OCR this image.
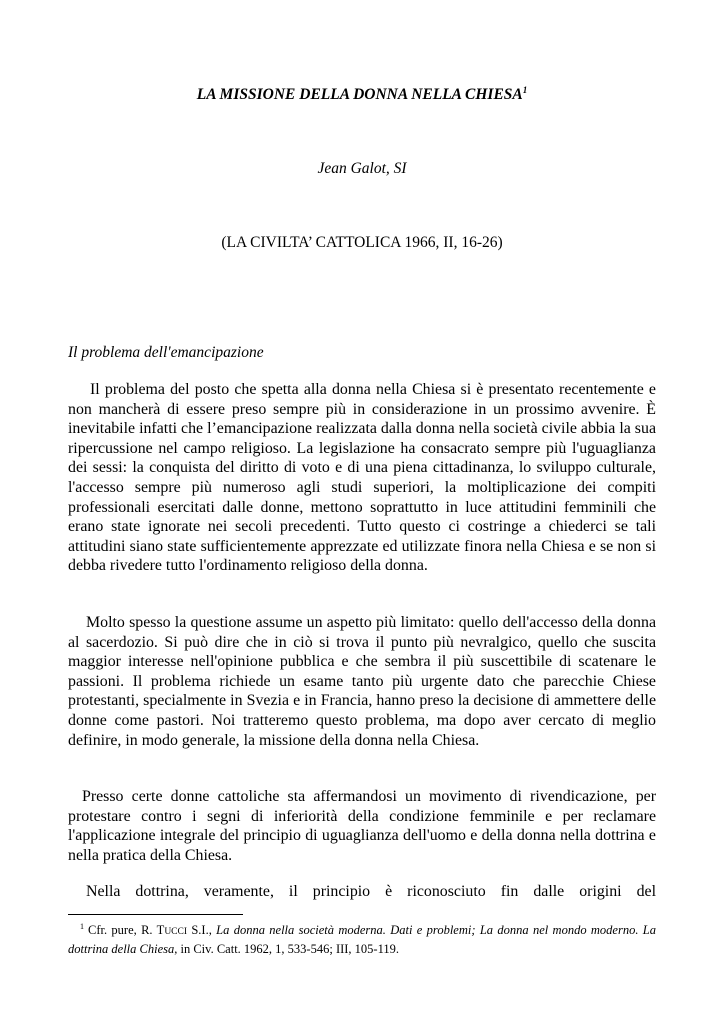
LA MISSIONE DELLA DONNA NELLA CHIESA$^1$
Jean Galot, SI
(LA CIVILTA’ CATTOLICA 1966, II, 16-26)
Il problema dell'emancipazione

Il problema del posto che spetta alla donna nella Chiesa si è presentato recentemente e non mancherà di essere preso sempre più in considerazione in un prossimo avvenire. È inevitabile infatti che l’emancipazione realizzata dalla donna nella società civile abbia la sua ripercussione nel campo religioso. La legislazione ha consacrato sempre più l'uguaglianza dei sessi: la conquista del diritto di voto e di una piena cittadinanza, lo sviluppo culturale, l'accesso sempre più numeroso agli studi superiori, la moltiplicazione dei compiti professionali esercitati dalle donne, mettono soprattutto in luce attitudini femminili che erano state ignorate nei secoli precedenti. Tutto questo ci costringe a chiederci se tali attitudini siano state sufficientemente apprezzate ed utilizzate finora nella Chiesa e se non si debba rivedere tutto l'ordinamento religioso della donna.

Molto spesso la questione assume un aspetto più limitato: quello dell'accesso della donna al sacerdozio. Si può dire che in ciò si trova il punto più nevralgico, quello che suscita maggior interesse nell'opinione pubblica e che sembra il più suscettibile di scatenare le passioni. Il problema richiede un esame tanto più urgente dato che parecchie Chiese protestanti, specialmente in Svezia e in Francia, hanno preso la decisione di ammettere delle donne come pastori. Noi tratteremo questo problema, ma dopo aver cercato di meglio definire, in modo generale, la missione della donna nella Chiesa.

Presso certe donne cattoliche sta affermandosi un movimento di rivendicazione, per protestare contro i segni di inferiorità della condizione femminile e per reclamare l'applicazione integrale del principio di uguaglianza dell'uomo e della donna nella dottrina e nella pratica della Chiesa.

Nella dottrina, veramente, il principio è riconosciuto fin dalle origini del

$^1$ Cfr. pure, R. TUCCI S.I., La donna nella società moderna. Dati e problemi; La donna nel mondo moderno. La dottrina della Chiesa, in Civ. Catt. 1962, 1, 533-546; III, 105-119.
